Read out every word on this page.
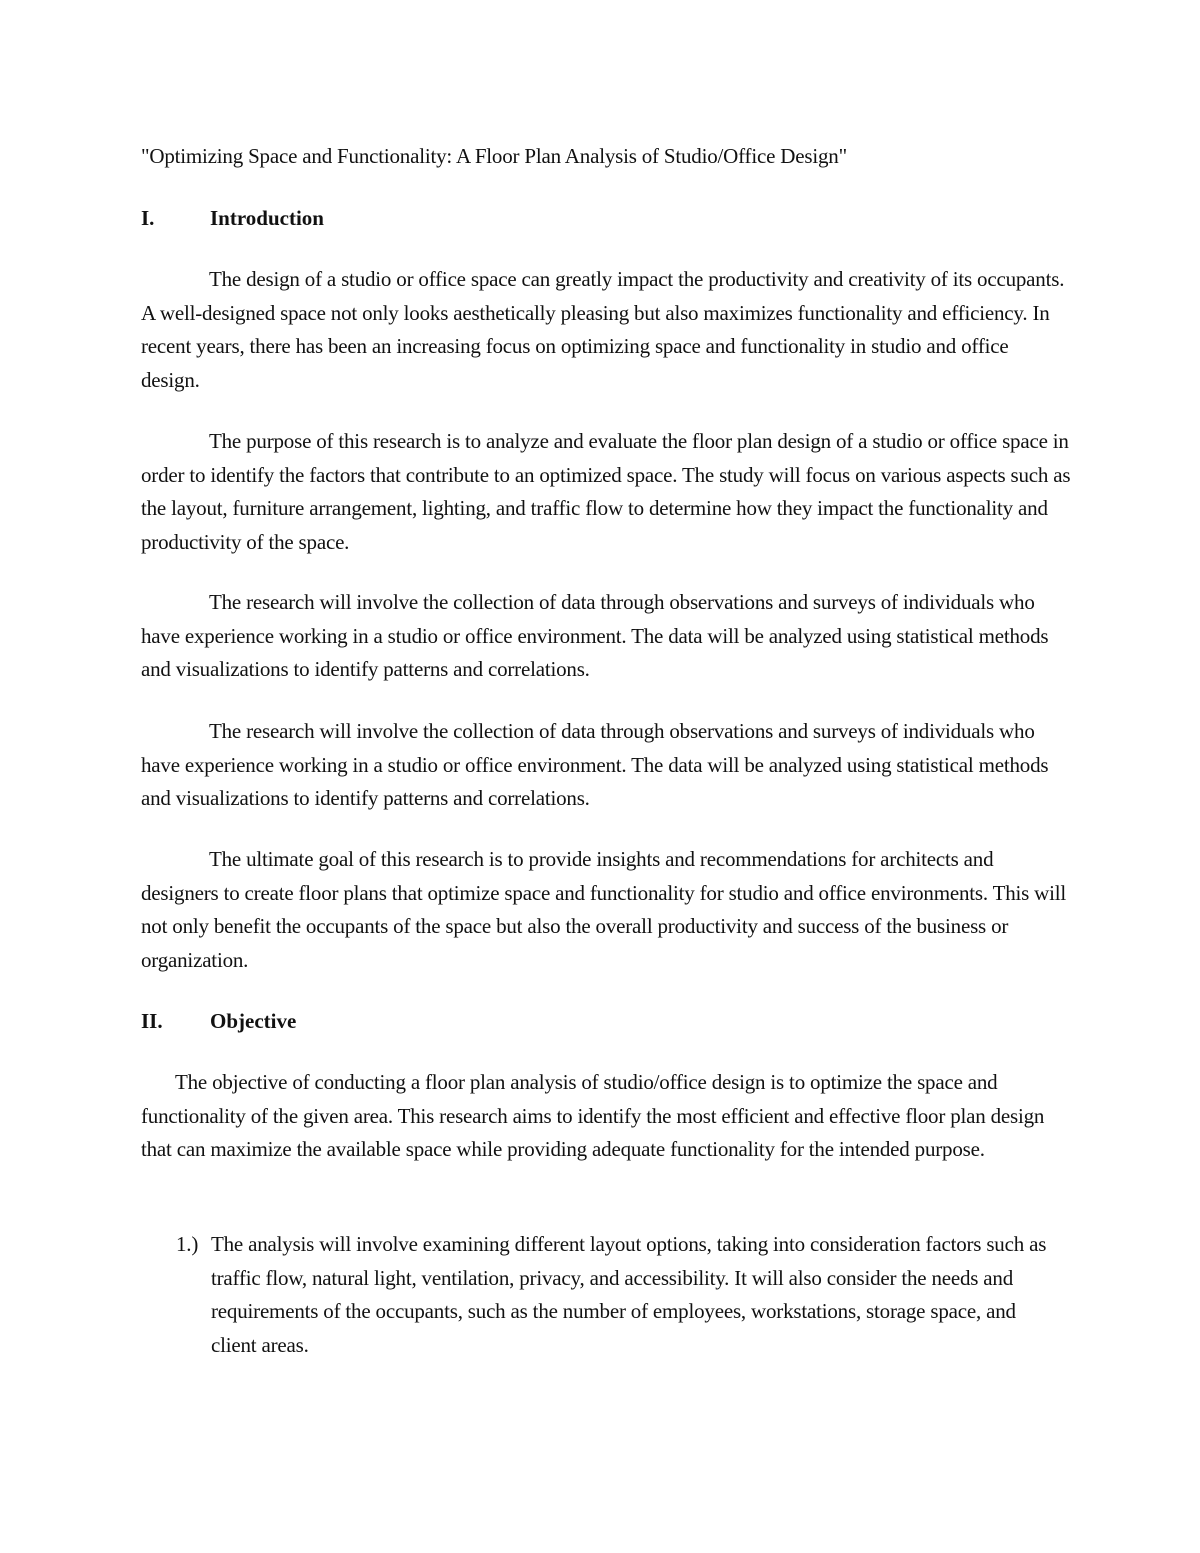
"Optimizing Space and Functionality: A Floor Plan Analysis of Studio/Office Design"
I.	Introduction
The design of a studio or office space can greatly impact the productivity and creativity of its occupants. A well-designed space not only looks aesthetically pleasing but also maximizes functionality and efficiency. In recent years, there has been an increasing focus on optimizing space and functionality in studio and office design.
The purpose of this research is to analyze and evaluate the floor plan design of a studio or office space in order to identify the factors that contribute to an optimized space. The study will focus on various aspects such as the layout, furniture arrangement, lighting, and traffic flow to determine how they impact the functionality and productivity of the space.
The research will involve the collection of data through observations and surveys of individuals who have experience working in a studio or office environment. The data will be analyzed using statistical methods and visualizations to identify patterns and correlations.
The research will involve the collection of data through observations and surveys of individuals who have experience working in a studio or office environment. The data will be analyzed using statistical methods and visualizations to identify patterns and correlations.
The ultimate goal of this research is to provide insights and recommendations for architects and designers to create floor plans that optimize space and functionality for studio and office environments. This will not only benefit the occupants of the space but also the overall productivity and success of the business or organization.
II. Objective
The objective of conducting a floor plan analysis of studio/office design is to optimize the space and functionality of the given area. This research aims to identify the most efficient and effective floor plan design that can maximize the available space while providing adequate functionality for the intended purpose.
1.) The analysis will involve examining different layout options, taking into consideration factors such as traffic flow, natural light, ventilation, privacy, and accessibility. It will also consider the needs and requirements of the occupants, such as the number of employees, workstations, storage space, and client areas.
